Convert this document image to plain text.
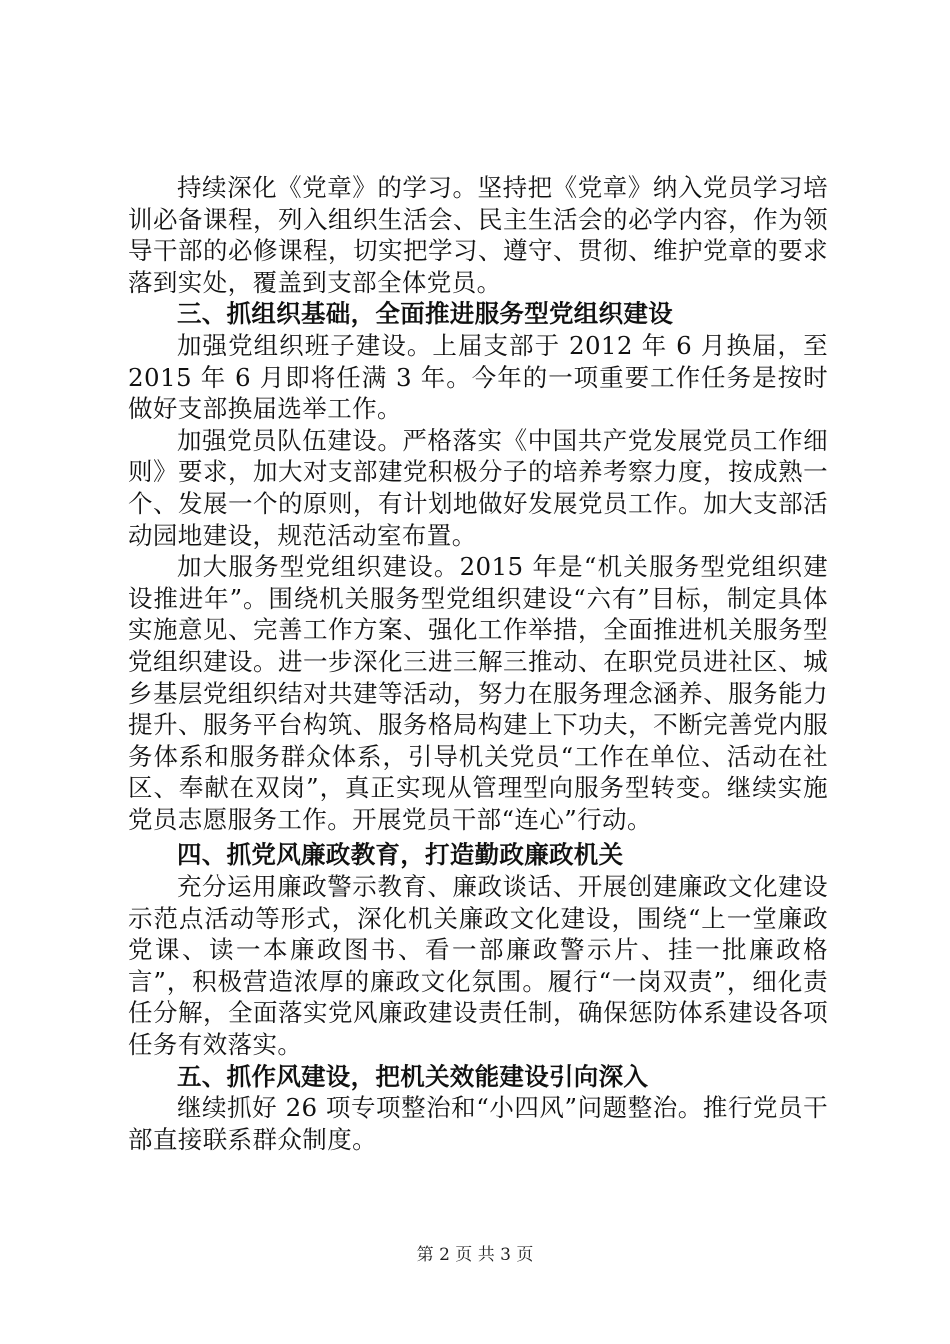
持续深化《党章》的学习。坚持把《党章》纳入党员学习培训必备课程，列入组织生活会、民主生活会的必学内容，作为领导干部的必修课程，切实把学习、遵守、贯彻、维护党章的要求落到实处，覆盖到支部全体党员。

三、抓组织基础，全面推进服务型党组织建设

加强党组织班子建设。上届支部于 2012 年 6 月换届，至 2015 年 6 月即将任满 3 年。今年的一项重要工作任务是按时做好支部换届选举工作。

加强党员队伍建设。严格落实《中国共产党发展党员工作细则》要求，加大对支部建党积极分子的培养考察力度，按成熟一个、发展一个的原则，有计划地做好发展党员工作。加大支部活动园地建设，规范活动室布置。

加大服务型党组织建设。2015 年是“机关服务型党组织建设推进年”。围绕机关服务型党组织建设“六有”目标，制定具体实施意见、完善工作方案、强化工作举措，全面推进机关服务型党组织建设。进一步深化三进三解三推动、在职党员进社区、城乡基层党组织结对共建等活动，努力在服务理念涵养、服务能力提升、服务平台构筑、服务格局构建上下功夫，不断完善党内服务体系和服务群众体系，引导机关党员“工作在单位、活动在社区、奉献在双岗”，真正实现从管理型向服务型转变。继续实施党员志愿服务工作。开展党员干部“连心”行动。

四、抓党风廉政教育，打造勤政廉政机关

充分运用廉政警示教育、廉政谈话、开展创建廉政文化建设示范点活动等形式，深化机关廉政文化建设，围绕“上一堂廉政党课、读一本廉政图书、看一部廉政警示片、挂一批廉政格言”，积极营造浓厚的廉政文化氛围。履行“一岗双责”，细化责任分解，全面落实党风廉政建设责任制，确保惩防体系建设各项任务有效落实。

五、抓作风建设，把机关效能建设引向深入

继续抓好 26 项专项整治和“小四风”问题整治。推行党员干部直接联系群众制度。

第 2 页 共 3 页
